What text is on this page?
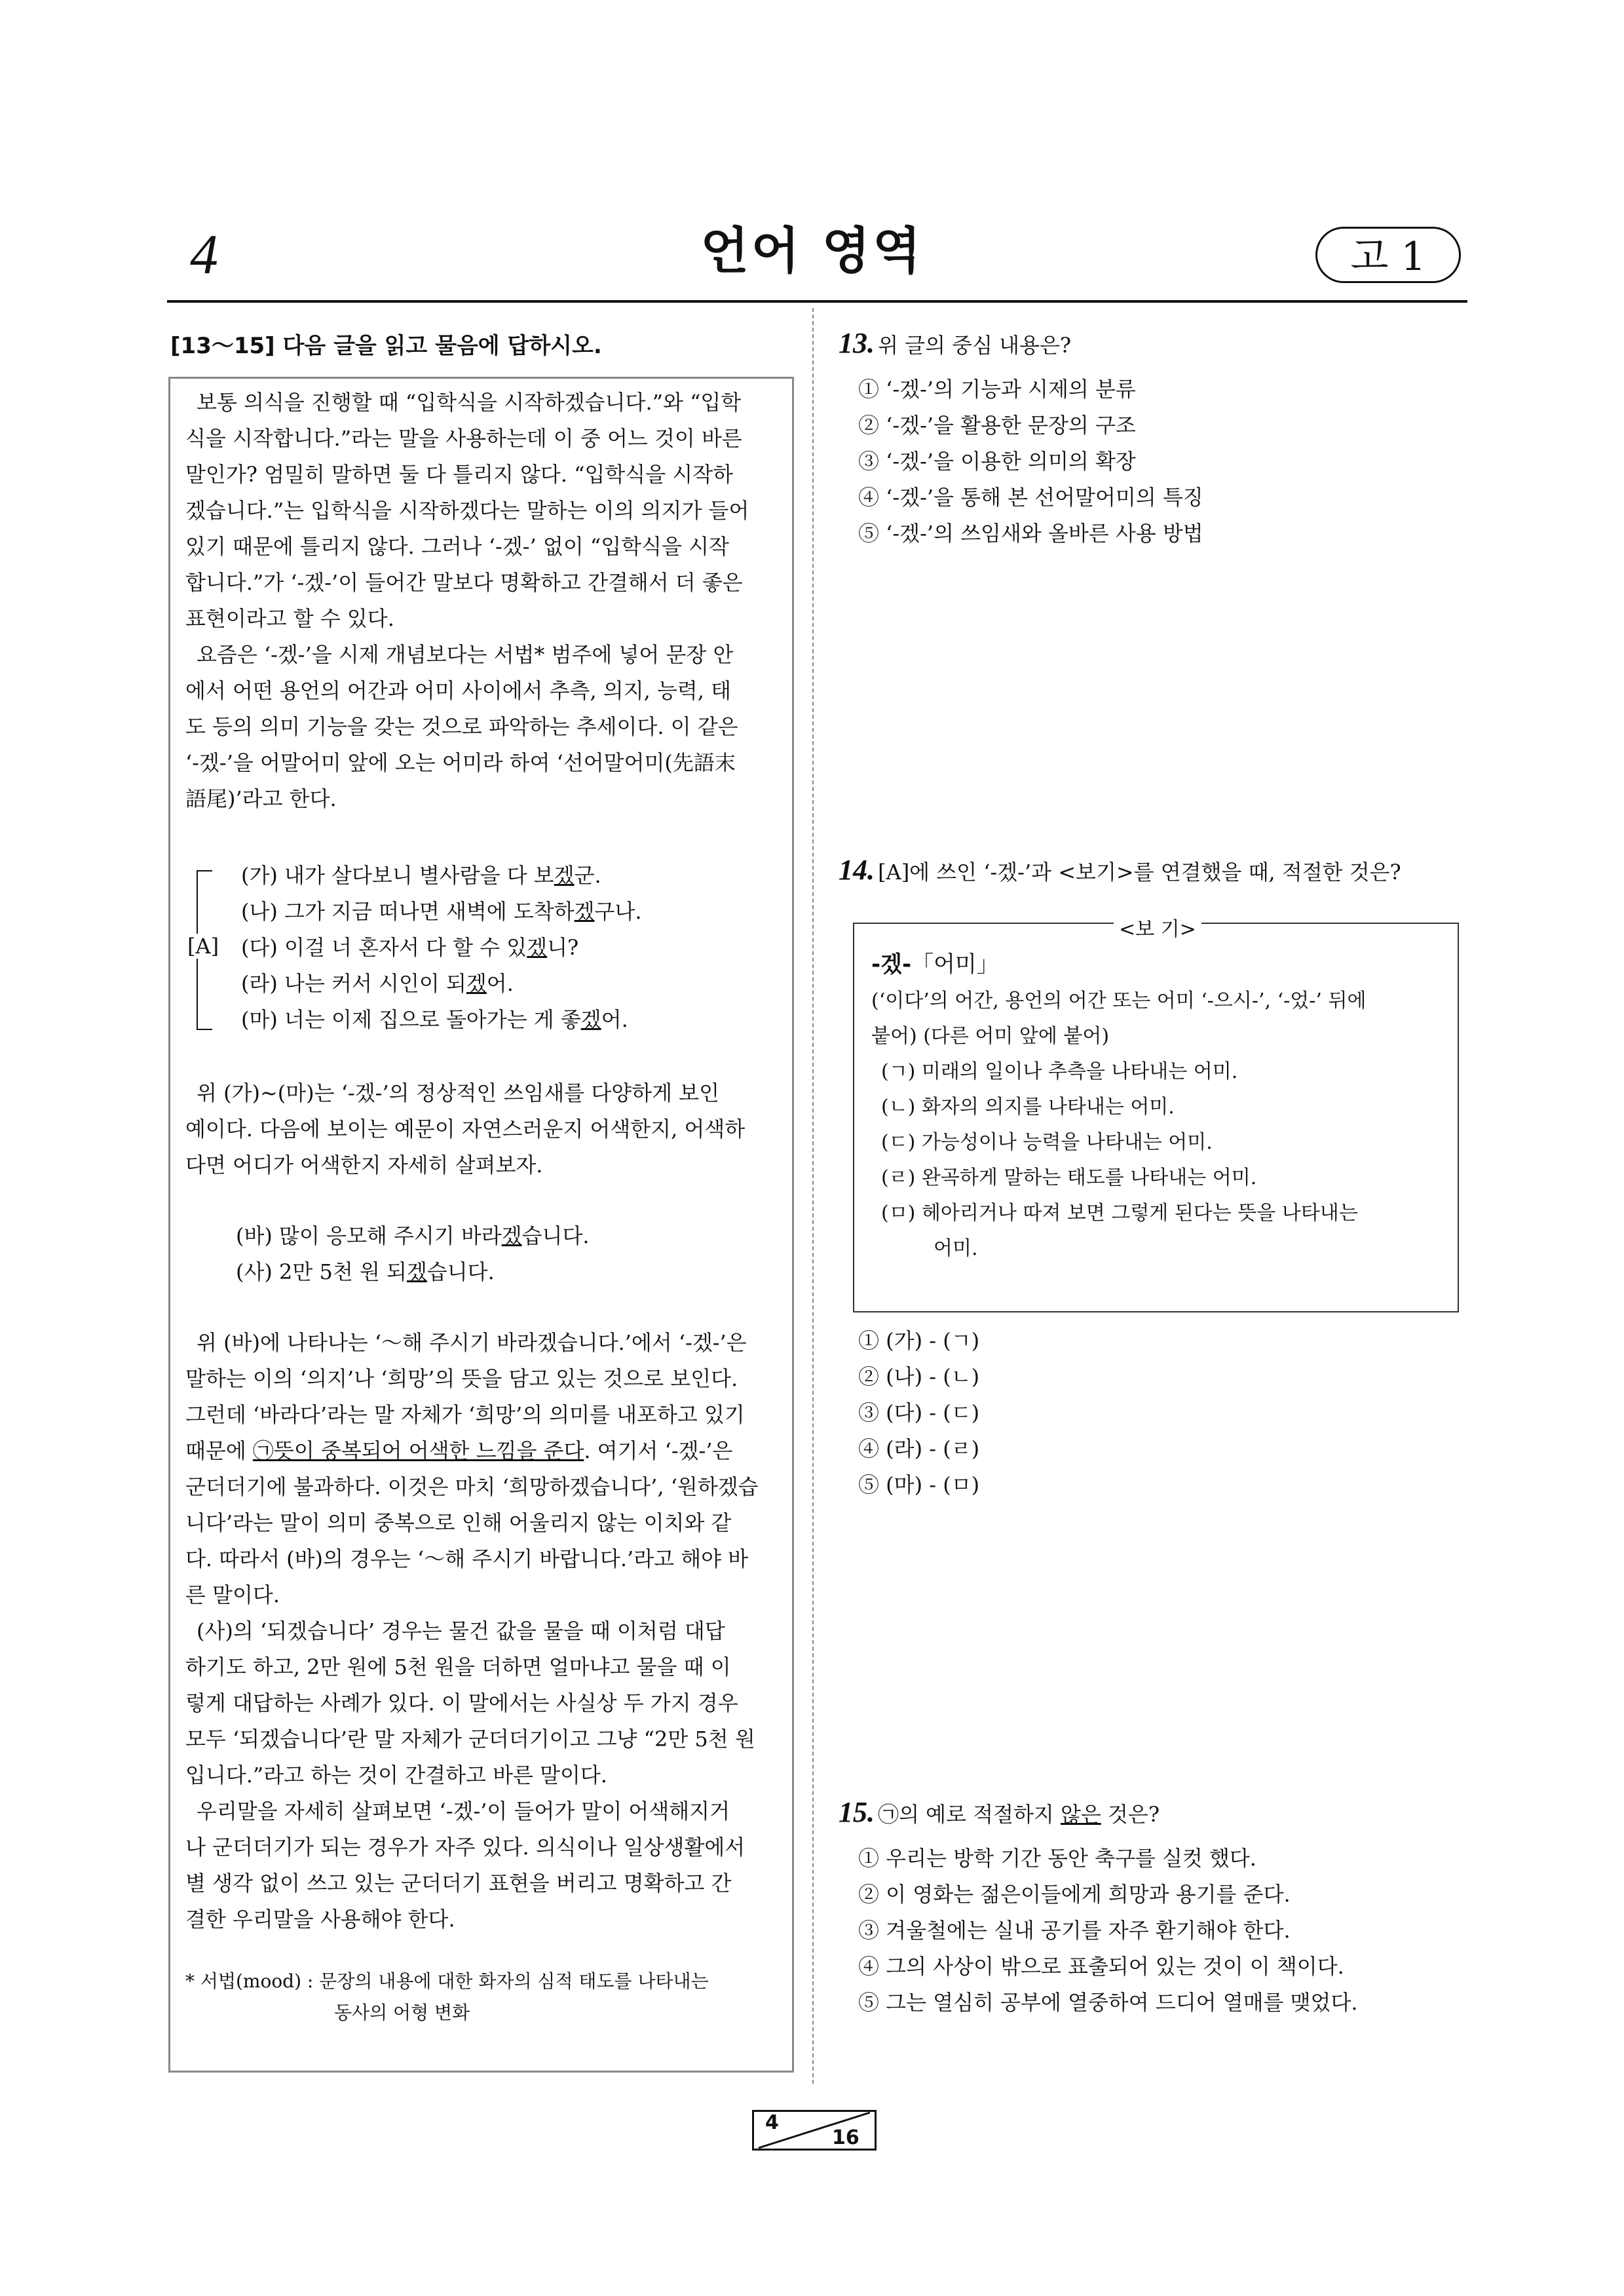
4	언어 영역	고 1
[13～15] 다음 글을 읽고 물음에 답하시오.
보통 의식을 진행할 때 “입학식을 시작하겠습니다.”와 “입학
식을 시작합니다.”라는 말을 사용하는데 이 중 어느 것이 바른
말인가? 엄밀히 말하면 둘 다 틀리지 않다. “입학식을 시작하
겠습니다.”는 입학식을 시작하겠다는 말하는 이의 의지가 들어
있기 때문에 틀리지 않다. 그러나 ‘-겠-’ 없이 “입학식을 시작
합니다.”가 ‘-겠-’이 들어간 말보다 명확하고 간결해서 더 좋은
표현이라고 할 수 있다.
요즘은 ‘-겠-’을 시제 개념보다는 서법* 범주에 넣어 문장 안
에서 어떤 용언의 어간과 어미 사이에서 추측, 의지, 능력, 태
도 등의 의미 기능을 갖는 것으로 파악하는 추세이다. 이 같은
‘-겠-’을 어말어미 앞에 오는 어미라 하여 ‘선어말어미(先語末
語尾)’라고 한다.
[A]
(가) 내가 살다보니 별사람을 다 보겠군.
(나) 그가 지금 떠나면 새벽에 도착하겠구나.
(다) 이걸 너 혼자서 다 할 수 있겠니?
(라) 나는 커서 시인이 되겠어.
(마) 너는 이제 집으로 돌아가는 게 좋겠어.
위 (가)~(마)는 ‘-겠-’의 정상적인 쓰임새를 다양하게 보인
예이다. 다음에 보이는 예문이 자연스러운지 어색한지, 어색하
다면 어디가 어색한지 자세히 살펴보자.
(바) 많이 응모해 주시기 바라겠습니다.
(사) 2만 5천 원 되겠습니다.
위 (바)에 나타나는 ‘～해 주시기 바라겠습니다.’에서 ‘-겠-’은
말하는 이의 ‘의지’나 ‘희망’의 뜻을 담고 있는 것으로 보인다.
그런데 ‘바라다’라는 말 자체가 ‘희망’의 의미를 내포하고 있기
때문에 ㉠뜻이 중복되어 어색한 느낌을 준다. 여기서 ‘-겠-’은
군더더기에 불과하다. 이것은 마치 ‘희망하겠습니다’, ‘원하겠습
니다’라는 말이 의미 중복으로 인해 어울리지 않는 이치와 같
다. 따라서 (바)의 경우는 ‘～해 주시기 바랍니다.’라고 해야 바
른 말이다.
(사)의 ‘되겠습니다’ 경우는 물건 값을 물을 때 이처럼 대답
하기도 하고, 2만 원에 5천 원을 더하면 얼마냐고 물을 때 이
렇게 대답하는 사례가 있다. 이 말에서는 사실상 두 가지 경우
모두 ‘되겠습니다’란 말 자체가 군더더기이고 그냥 “2만 5천 원
입니다.”라고 하는 것이 간결하고 바른 말이다.
우리말을 자세히 살펴보면 ‘-겠-’이 들어가 말이 어색해지거
나 군더더기가 되는 경우가 자주 있다. 의식이나 일상생활에서
별 생각 없이 쓰고 있는 군더더기 표현을 버리고 명확하고 간
결한 우리말을 사용해야 한다.
* 서법(mood) : 문장의 내용에 대한 화자의 심적 태도를 나타내는
동사의 어형 변화
13. 위 글의 중심 내용은?
① ‘-겠-’의 기능과 시제의 분류
② ‘-겠-’을 활용한 문장의 구조
③ ‘-겠-’을 이용한 의미의 확장
④ ‘-겠-’을 통해 본 선어말어미의 특징
⑤ ‘-겠-’의 쓰임새와 올바른 사용 방법
14. [A]에 쓰인 ‘-겠-’과 <보기>를 연결했을 때, 적절한 것은?
<보 기>
-겠-「어미」
(‘이다’의 어간, 용언의 어간 또는 어미 ‘-으시-’, ‘-었-’ 뒤에
붙어) (다른 어미 앞에 붙어)
(ㄱ) 미래의 일이나 추측을 나타내는 어미.
(ㄴ) 화자의 의지를 나타내는 어미.
(ㄷ) 가능성이나 능력을 나타내는 어미.
(ㄹ) 완곡하게 말하는 태도를 나타내는 어미.
(ㅁ) 헤아리거나 따져 보면 그렇게 된다는 뜻을 나타내는
어미.
① (가) - (ㄱ)
② (나) - (ㄴ)
③ (다) - (ㄷ)
④ (라) - (ㄹ)
⑤ (마) - (ㅁ)
15. ㉠의 예로 적절하지 않은 것은?
① 우리는 방학 기간 동안 축구를 실컷 했다.
② 이 영화는 젊은이들에게 희망과 용기를 준다.
③ 겨울철에는 실내 공기를 자주 환기해야 한다.
④ 그의 사상이 밖으로 표출되어 있는 것이 이 책이다.
⑤ 그는 열심히 공부에 열중하여 드디어 열매를 맺었다.
4
16
